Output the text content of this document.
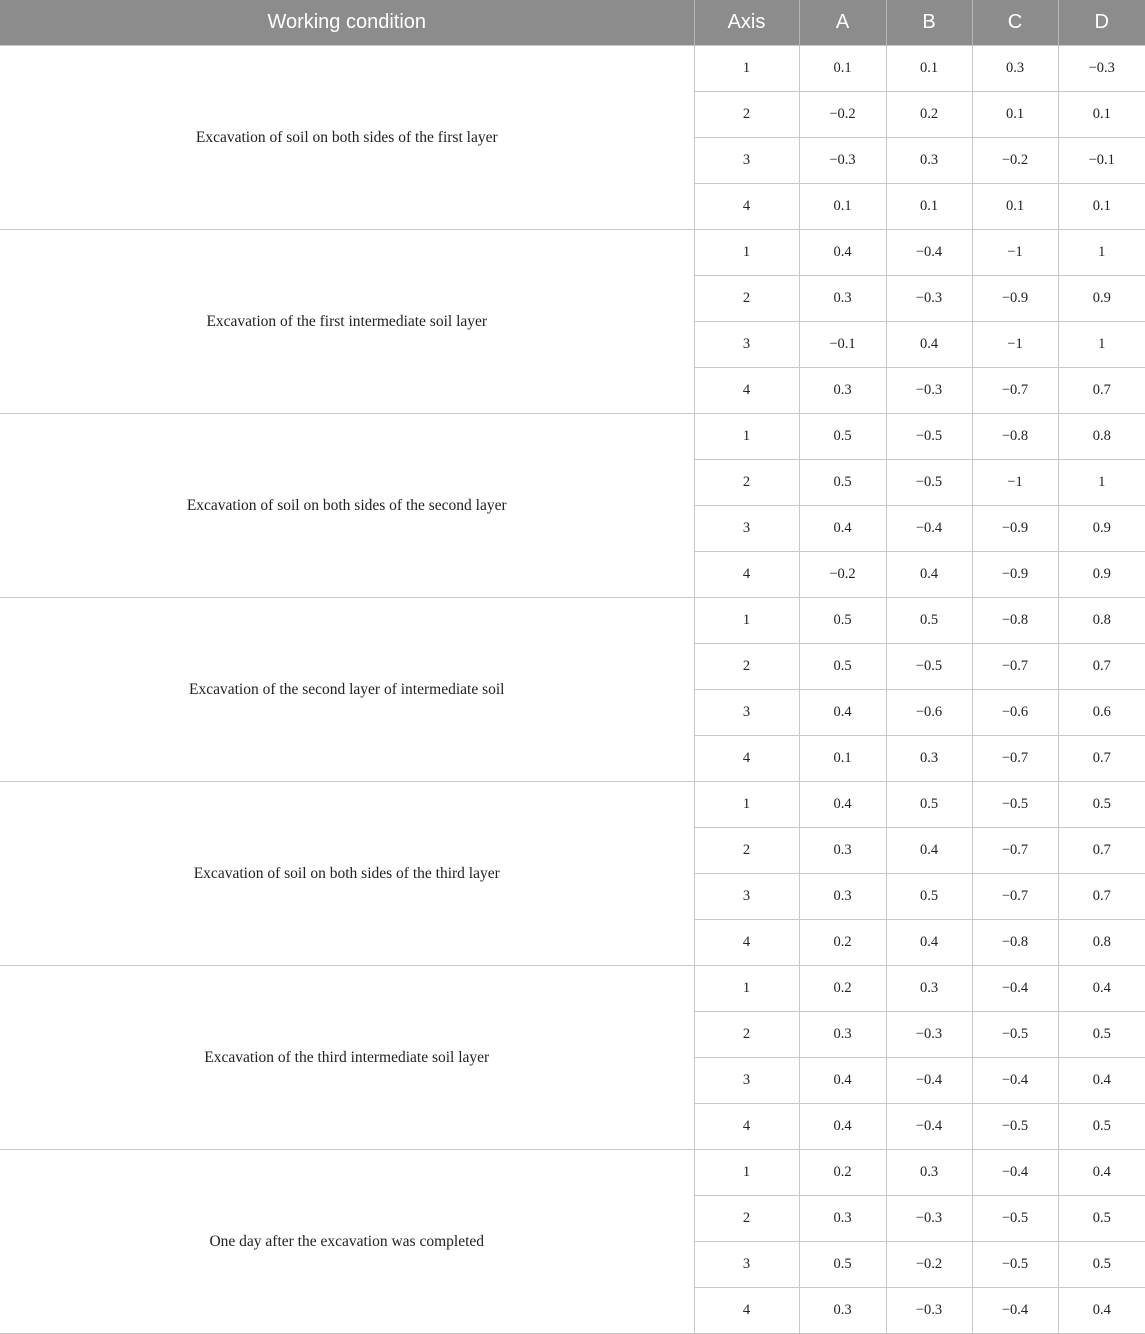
Working condition	Axis	A	B	C	D
Excavation of soil on both sides of the first layer	1	0.1	0.1	0.3	−0.3
	2	−0.2	0.2	0.1	0.1
	3	−0.3	0.3	−0.2	−0.1
	4	0.1	0.1	0.1	0.1
Excavation of the first intermediate soil layer	1	0.4	−0.4	−1	1
	2	0.3	−0.3	−0.9	0.9
	3	−0.1	0.4	−1	1
	4	0.3	−0.3	−0.7	0.7
Excavation of soil on both sides of the second layer	1	0.5	−0.5	−0.8	0.8
	2	0.5	−0.5	−1	1
	3	0.4	−0.4	−0.9	0.9
	4	−0.2	0.4	−0.9	0.9
Excavation of the second layer of intermediate soil	1	0.5	0.5	−0.8	0.8
	2	0.5	−0.5	−0.7	0.7
	3	0.4	−0.6	−0.6	0.6
	4	0.1	0.3	−0.7	0.7
Excavation of soil on both sides of the third layer	1	0.4	0.5	−0.5	0.5
	2	0.3	0.4	−0.7	0.7
	3	0.3	0.5	−0.7	0.7
	4	0.2	0.4	−0.8	0.8
Excavation of the third intermediate soil layer	1	0.2	0.3	−0.4	0.4
	2	0.3	−0.3	−0.5	0.5
	3	0.4	−0.4	−0.4	0.4
	4	0.4	−0.4	−0.5	0.5
One day after the excavation was completed	1	0.2	0.3	−0.4	0.4
	2	0.3	−0.3	−0.5	0.5
	3	0.5	−0.2	−0.5	0.5
	4	0.3	−0.3	−0.4	0.4
